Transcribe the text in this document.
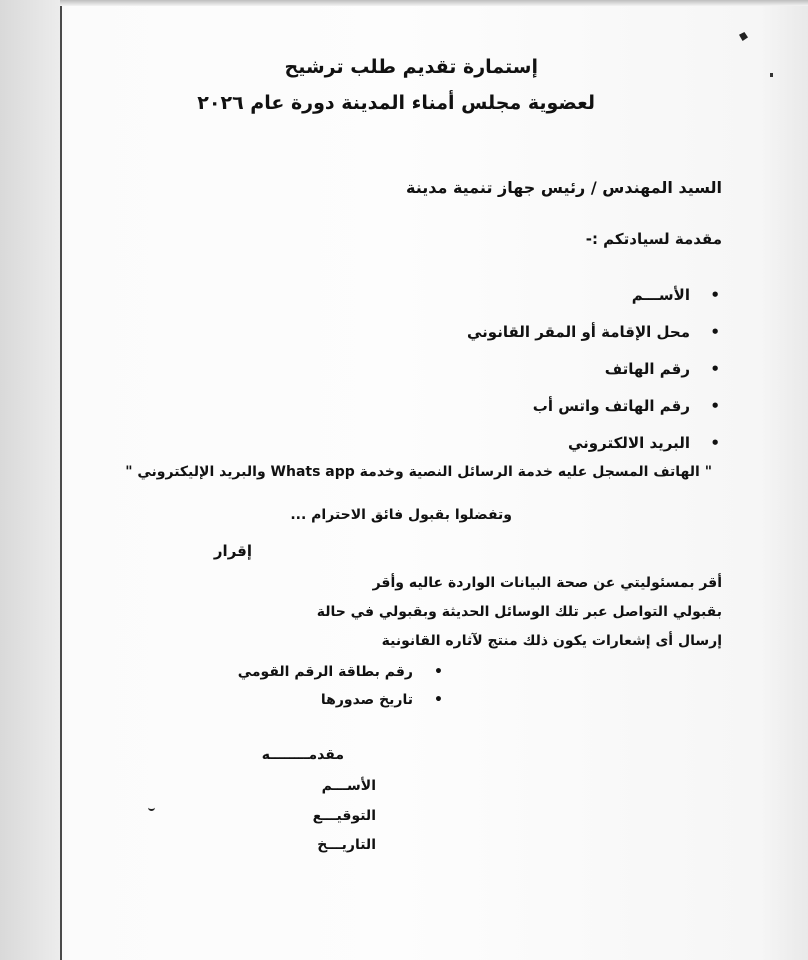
إستمارة تقديم طلب ترشيح
لعضوية مجلس أمناء المدينة دورة عام ٢٠٢٦
السيد المهندس / رئيس جهاز تنمية مدينة
مقدمة لسيادتكم :-
• الأســـم
• محل الإقامة أو المقر القانوني
• رقم الهاتف
• رقم الهاتف واتس أب
• البريد الالكتروني
" الهاتف المسجل عليه خدمة الرسائل النصية وخدمة Whats app والبريد الإليكتروني "
وتفضلوا بقبول فائق الاحترام ...
إقرار
أقر بمسئوليتي عن صحة البيانات الواردة عاليه وأقر
بقبولي التواصل عبر تلك الوسائل الحديثة وبقبولي في حالة
إرسال أى إشعارات يكون ذلك منتج لآثاره القانونية
• رقم بطاقة الرقم القومي
• تاريخ صدورها
مقدمــــــــه
الأســـم
التوقيـــع
التاريـــخ
